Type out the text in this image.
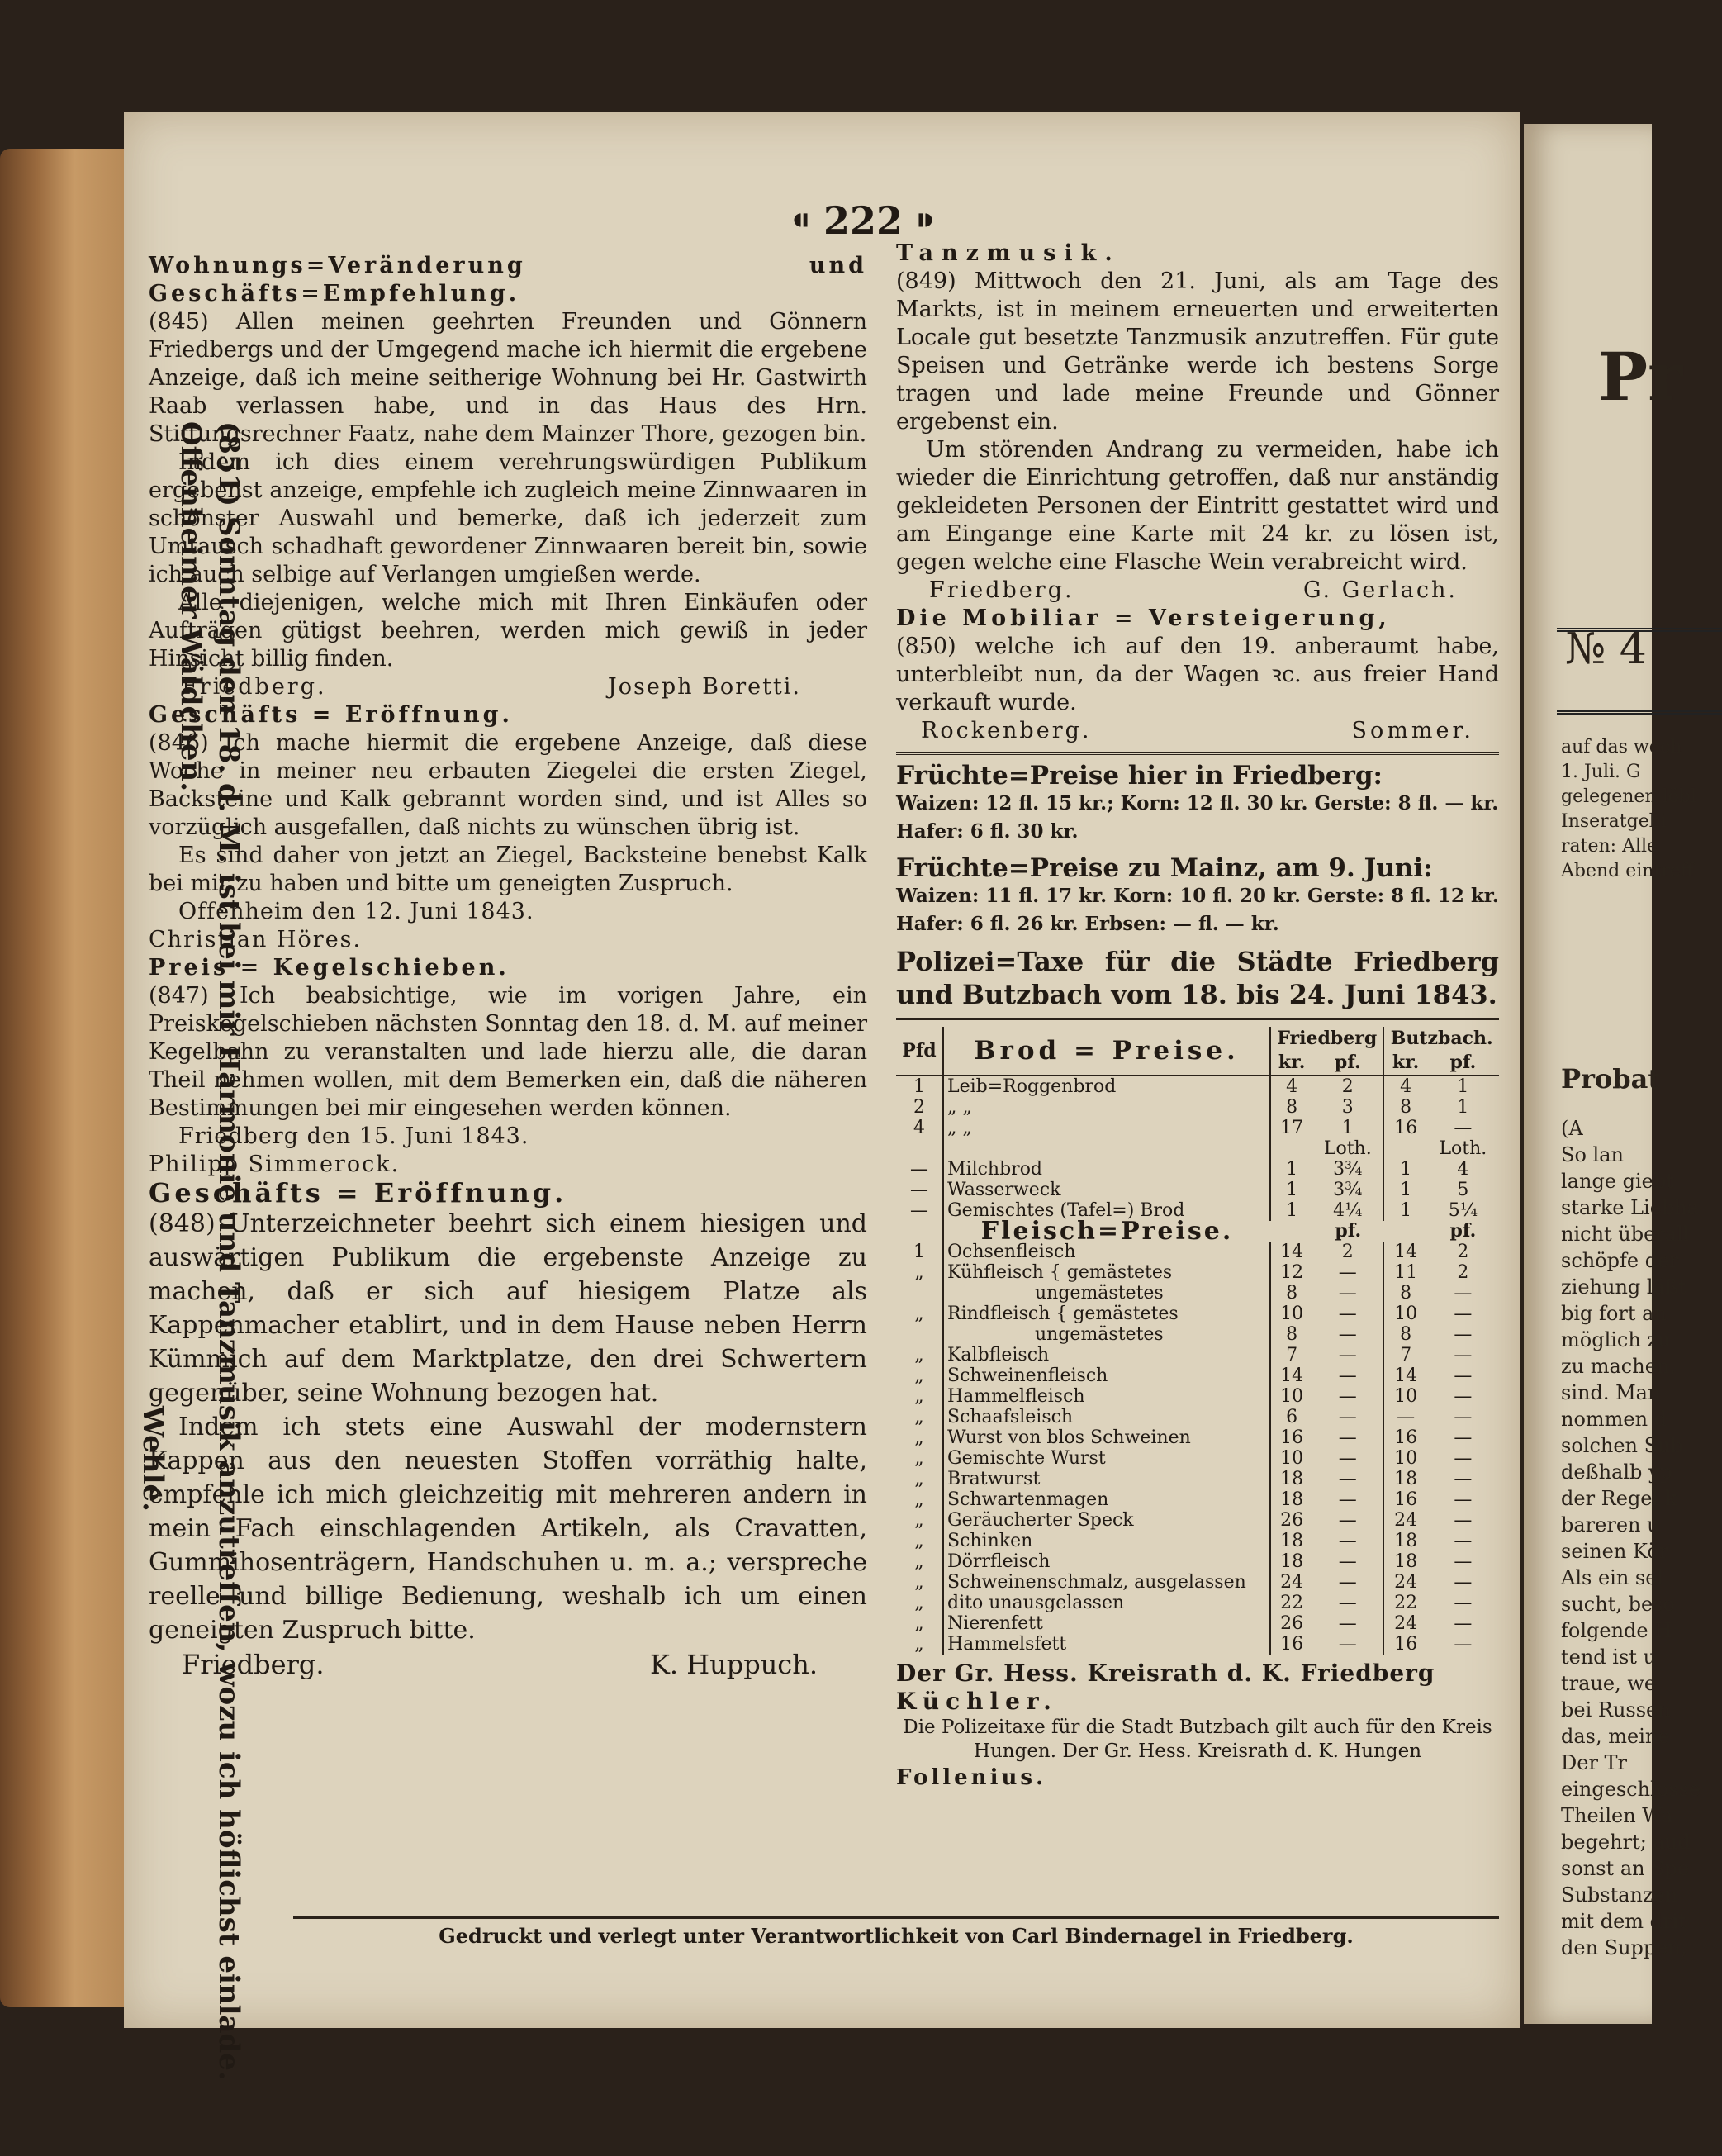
Pr
№ 4
auf das wöch
1. Juli. G
gelegenen löbl
Inseratgebi
raten: Alle
Abend eintreff
Probat
(A
So lan
lange giebt
starke Liebha
nicht überall
schöpfe der
ziehung läßt
big fort an
möglich zu
zu machen,
sind. Man
nommen d
solchen Sub
deßhalb yp
der Regel k
bareren u
seinen Kör
Als ein sel
sucht, beso
folgende H
tend ist u
traue, we
bei Russen
das, meine
Der Tr
eingeschlosse
Theilen Wa
begehrt; aud
sonst an Spe
Substanzen
mit dem drit
den Suppen,
⁌ 222 ⁍
(851) Sonntag den 18. d. M. ist bei mir Harmonie und Tanzmusik anzutreffen, wozu ich höflichst einlade.
Offenheimer Wäldchen.
Wehle.

Wohnungs=Veränderung und Geschäfts=Empfehlung.

(845) Allen meinen geehrten Freunden und Gönnern Friedbergs und der Umgegend mache ich hiermit die ergebene Anzeige, daß ich meine seitherige Wohnung bei Hr. Gastwirth Raab verlassen habe, und in das Haus des Hrn. Stiftungsrechner Faatz, nahe dem Mainzer Thore, gezogen bin.

Indem ich dies einem verehrungswürdigen Publikum ergebenst anzeige, empfehle ich zugleich meine Zinnwaaren in schönster Auswahl und bemerke, daß ich jederzeit zum Umtausch schadhaft gewordener Zinnwaaren bereit bin, sowie ich auch selbige auf Verlangen umgießen werde.

Alle diejenigen, welche mich mit Ihren Einkäufen oder Aufträgen gütigst beehren, werden mich gewiß in jeder Hinsicht billig finden.

Friedberg.	Joseph Boretti.

Geschäfts = Eröffnung.

(846) Ich mache hiermit die ergebene Anzeige, daß diese Woche in meiner neu erbauten Ziegelei die ersten Ziegel, Backsteine und Kalk gebrannt worden sind, und ist Alles so vorzüglich ausgefallen, daß nichts zu wünschen übrig ist.

Es sind daher von jetzt an Ziegel, Backsteine benebst Kalk bei mir zu haben und bitte um geneigten Zuspruch.

Offenheim den 12. Juni 1843.

Christian Höres.

Preis = Kegelschieben.

(847) Ich beabsichtige, wie im vorigen Jahre, ein Preiskegelschieben nächsten Sonntag den 18. d. M. auf meiner Kegelbahn zu veranstalten und lade hierzu alle, die daran Theil nehmen wollen, mit dem Bemerken ein, daß die näheren Bestimmungen bei mir eingesehen werden können.

Friedberg den 15. Juni 1843.

Philipp Simmerock.

Geschäfts = Eröffnung.

(848) Unterzeichneter beehrt sich einem hiesigen und auswärtigen Publikum die ergebenste Anzeige zu machen, daß er sich auf hiesigem Platze als Kappenmacher etablirt, und in dem Hause neben Herrn Kümmich auf dem Marktplatze, den drei Schwertern gegenüber, seine Wohnung bezogen hat.

Indem ich stets eine Auswahl der modernstern Kappen aus den neuesten Stoffen vorräthig halte, empfehle ich mich gleichzeitig mit mehreren andern in mein Fach einschlagenden Artikeln, als Cravatten, Gummihosenträgern, Handschuhen u. m. a.; verspreche reelle und billige Bedienung, weshalb ich um einen geneigten Zuspruch bitte.

Friedberg.	K. Huppuch.

Tanzmusik.

(849) Mittwoch den 21. Juni, als am Tage des Markts, ist in meinem erneuerten und erweiterten Locale gut besetzte Tanzmusik anzutreffen. Für gute Speisen und Getränke werde ich bestens Sorge tragen und lade meine Freunde und Gönner ergebenst ein.

Um störenden Andrang zu vermeiden, habe ich wieder die Einrichtung getroffen, daß nur anständig gekleideten Personen der Eintritt gestattet wird und am Eingange eine Karte mit 24 kr. zu lösen ist, gegen welche eine Flasche Wein verabreicht wird.

Friedberg.	G. Gerlach.

Die Mobiliar = Versteigerung,

(850) welche ich auf den 19. anberaumt habe, unterbleibt nun, da der Wagen ꝛc. aus freier Hand verkauft wurde.

Rockenberg.	Sommer.

Früchte=Preise hier in Friedberg:

Waizen: 12 fl. 15 kr.; Korn: 12 fl. 30 kr. Gerste: 8 fl. — kr.

Hafer: 6 fl. 30 kr.

Früchte=Preise zu Mainz, am 9. Juni:

Waizen: 11 fl. 17 kr. Korn: 10 fl. 20 kr. Gerste: 8 fl. 12 kr.

Hafer: 6 fl. 26 kr. Erbsen: — fl. — kr.

Polizei=Taxe für die Städte Friedberg und Butzbach vom 18. bis 24. Juni 1843.

Pfd	Brod = Preise.	Friedberg		Butzbach.	
		kr.	pf.	kr.	pf.
1	Leib=Roggenbrod	4	2	4	1
2	„ „	8	3	8	1
4	„ „	17	1	16	—
			Loth.		Loth.
—	Milchbrod	1	3¾	1	4
—	Wasserweck	1	3¾	1	5
—	Gemischtes (Tafel=) Brod	1	4¼	1	5¼
	Fleisch=Preise.		pf.		pf.
1	Ochsenfleisch	14	2	14	2
„	Kühfleisch { gemästetes	12	—	11	2
	ungemästetes	8	—	8	—
„	Rindfleisch { gemästetes	10	—	10	—
	ungemästetes	8	—	8	—
„	Kalbfleisch	7	—	7	—
„	Schweinenfleisch	14	—	14	—
„	Hammelfleisch	10	—	10	—
„	Schaafsleisch	6	—	—	—
„	Wurst von blos Schweinen	16	—	16	—
„	Gemischte Wurst	10	—	10	—
„	Bratwurst	18	—	18	—
„	Schwartenmagen	18	—	16	—
„	Geräucherter Speck	26	—	24	—
„	Schinken	18	—	18	—
„	Dörrfleisch	18	—	18	—
„	Schweinenschmalz, ausgelassen	24	—	24	—
„	dito unausgelassen	22	—	22	—
„	Nierenfett	26	—	24	—
„	Hammelsfett	16	—	16	—

Der Gr. Hess. Kreisrath d. K. Friedberg

Küchler.

Die Polizeitaxe für die Stadt Butzbach gilt auch für den Kreis Hungen. Der Gr. Hess. Kreisrath d. K. Hungen

Follenius.

Gedruckt und verlegt unter Verantwortlichkeit von Carl Bindernagel in Friedberg.
